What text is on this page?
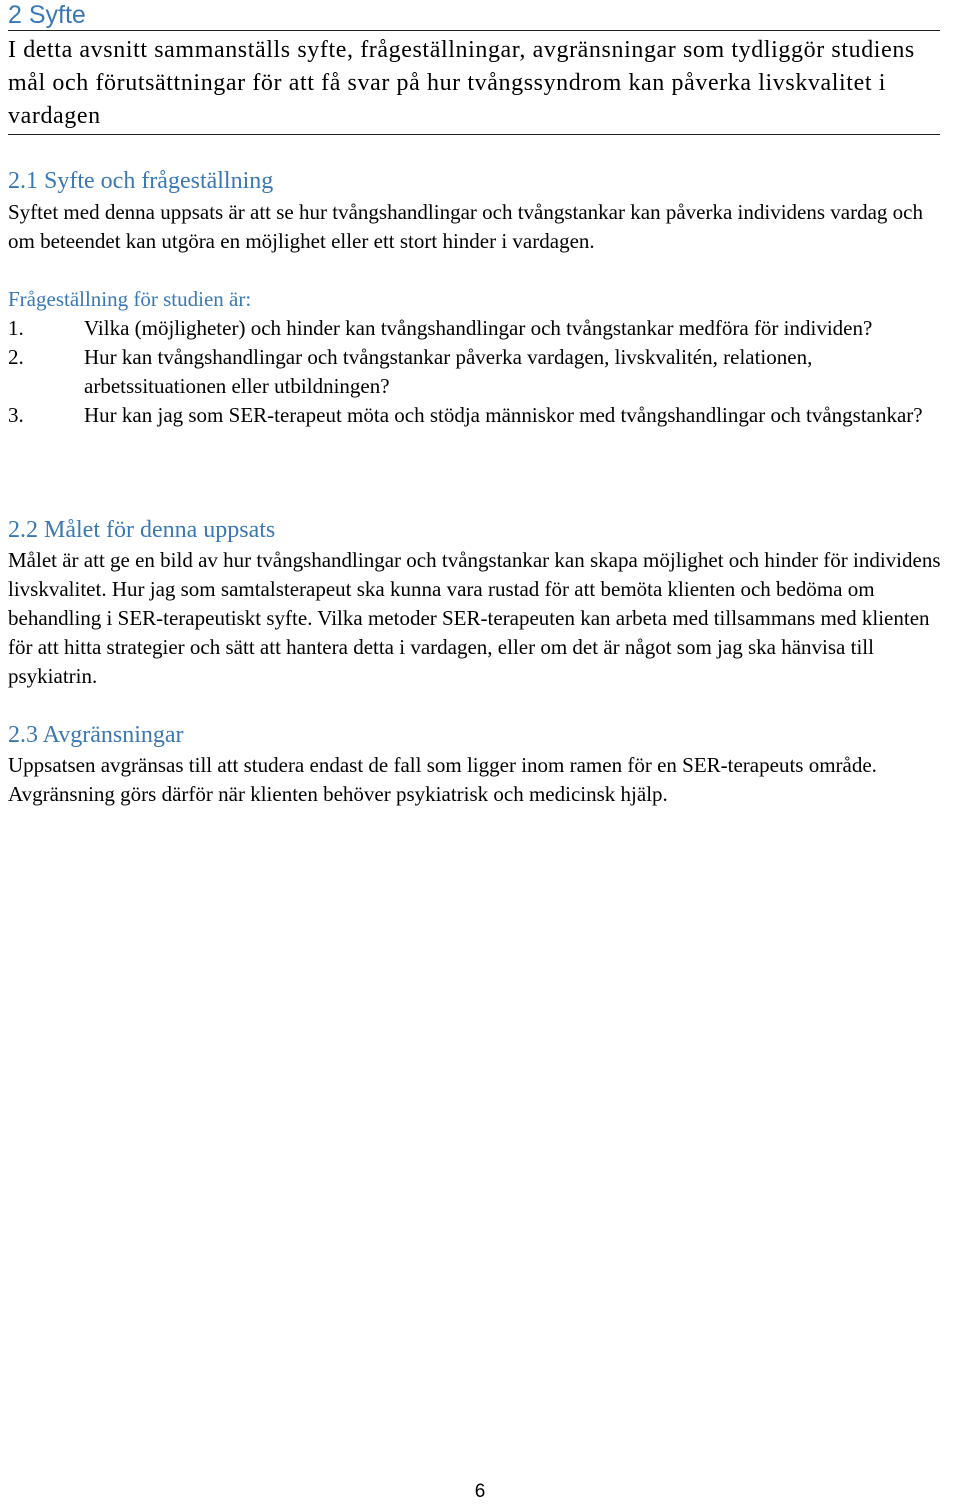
2 Syfte

I detta avsnitt sammanställs syfte, frågeställningar, avgränsningar som tydliggör studiens mål och förutsättningar för att få svar på hur tvångssyndrom kan påverka livskvalitet i vardagen

2.1 Syfte och frågeställning

Syftet med denna uppsats är att se hur tvångshandlingar och tvångstankar kan påverka individens vardag och om beteendet kan utgöra en möjlighet eller ett stort hinder i vardagen.

Frågeställning för studien är:

1.	Vilka (möjligheter) och hinder kan tvångshandlingar och tvångstankar medföra för individen?
2.	Hur kan tvångshandlingar och tvångstankar påverka vardagen, livskvalitén, relationen, arbetssituationen eller utbildningen?
3.	Hur kan jag som SER-terapeut möta och stödja människor med tvångshandlingar och tvångstankar?
2.2 Målet för denna uppsats

Målet är att ge en bild av hur tvångshandlingar och tvångstankar kan skapa möjlighet och hinder för individens livskvalitet. Hur jag som samtalsterapeut ska kunna vara rustad för att bemöta klienten och bedöma om behandling i SER-terapeutiskt syfte. Vilka metoder SER-terapeuten kan arbeta med tillsammans med klienten för att hitta strategier och sätt att hantera detta i vardagen, eller om det är något som jag ska hänvisa till psykiatrin.

2.3 Avgränsningar

Uppsatsen avgränsas till att studera endast de fall som ligger inom ramen för en SER-terapeuts område. Avgränsning görs därför när klienten behöver psykiatrisk och medicinsk hjälp.

6
